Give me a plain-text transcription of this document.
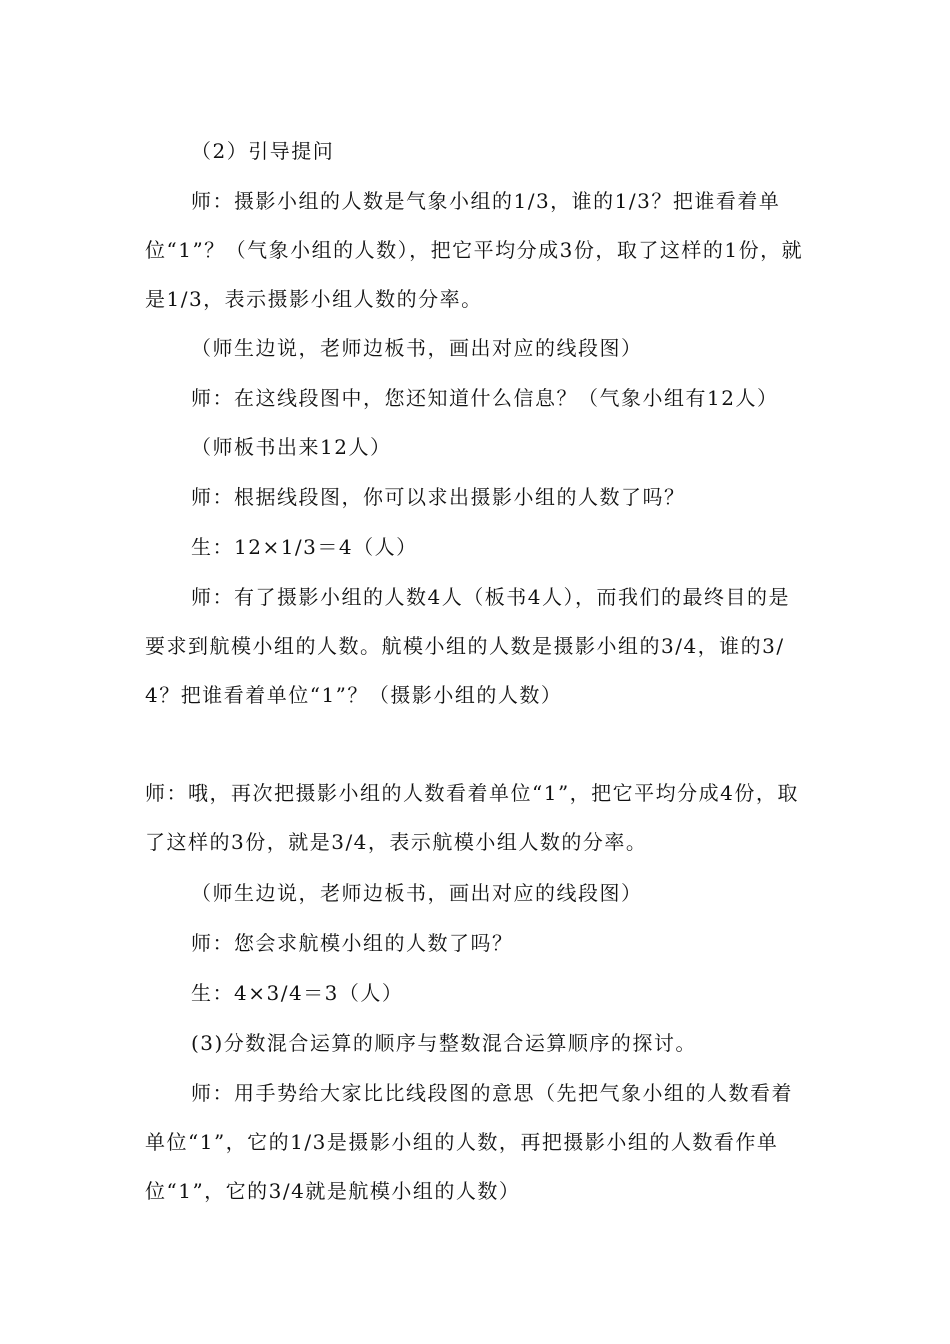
（2）引导提问

师：摄影小组的人数是气象小组的1/3，谁的1/3？把谁看着单位“1”？（气象小组的人数），把它平均分成3份，取了这样的1份，就是1/3，表示摄影小组人数的分率。

（师生边说，老师边板书，画出对应的线段图）

师：在这线段图中，您还知道什么信息？（气象小组有12人）

（师板书出来12人）

师：根据线段图，你可以求出摄影小组的人数了吗？

生：12×1/3＝4（人）

师：有了摄影小组的人数4人（板书4人），而我们的最终目的是要求到航模小组的人数。航模小组的人数是摄影小组的3/4，谁的3/4？把谁看着单位“1”？（摄影小组的人数）

师：哦，再次把摄影小组的人数看着单位“1”，把它平均分成4份，取了这样的3份，就是3/4，表示航模小组人数的分率。

（师生边说，老师边板书，画出对应的线段图）

师：您会求航模小组的人数了吗？

生：4×3/4＝3（人）

(3)分数混合运算的顺序与整数混合运算顺序的探讨。

师：用手势给大家比比线段图的意思（先把气象小组的人数看着单位“1”，它的1/3是摄影小组的人数，再把摄影小组的人数看作单位“1”，它的3/4就是航模小组的人数）
